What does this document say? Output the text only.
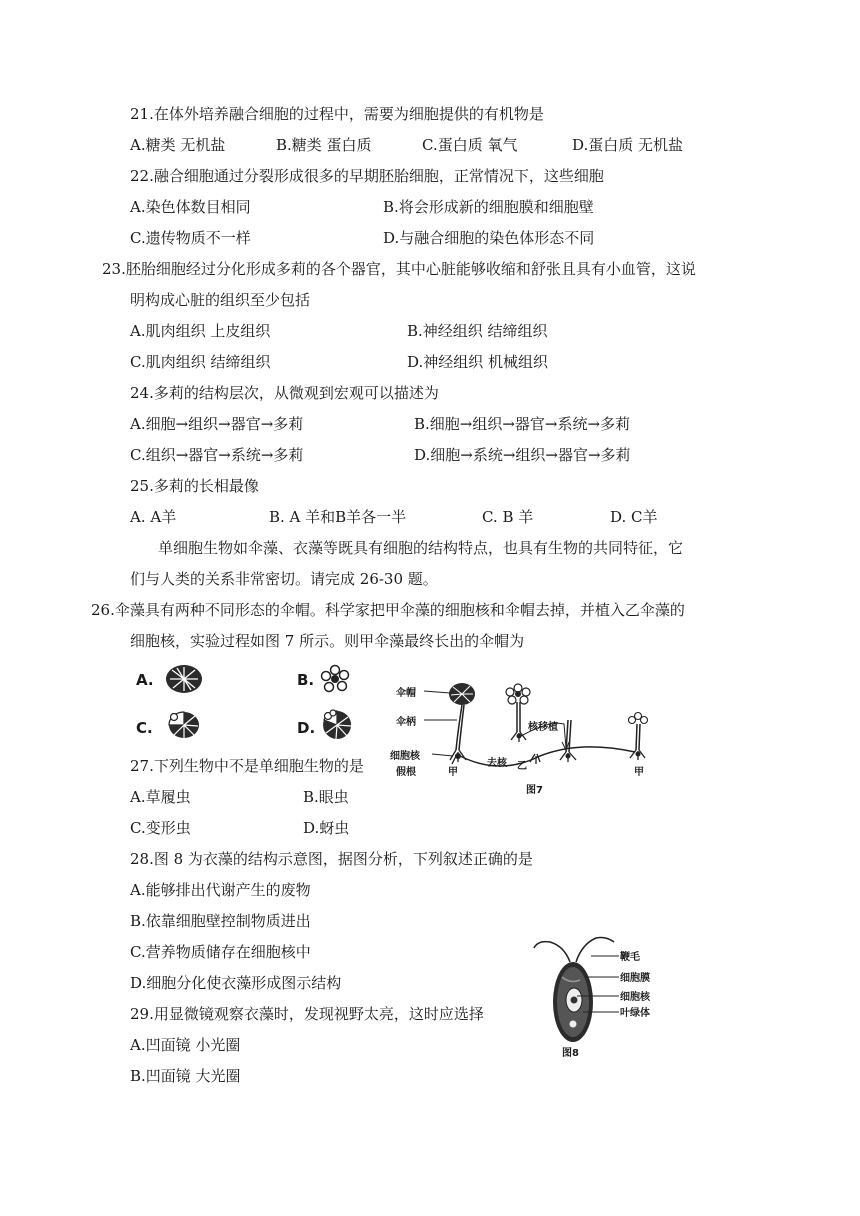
21.在体外培养融合细胞的过程中，需要为细胞提供的有机物是
A.糖类 无机盐	B.糖类 蛋白质	C.蛋白质 氧气	D.蛋白质 无机盐
22.融合细胞通过分裂形成很多的早期胚胎细胞，正常情况下，这些细胞
A.染色体数目相同	B.将会形成新的细胞膜和细胞壁
C.遗传物质不一样	D.与融合细胞的染色体形态不同
23.胚胎细胞经过分化形成多莉的各个器官，其中心脏能够收缩和舒张且具有小血管，这说
明构成心脏的组织至少包括
A.肌肉组织 上皮组织	B.神经组织 结缔组织
C.肌肉组织 结缔组织	D.神经组织 机械组织
24.多莉的结构层次，从微观到宏观可以描述为
A.细胞→组织→器官→多莉	B.细胞→组织→器官→系统→多莉
C.组织→器官→系统→多莉	D.细胞→系统→组织→器官→多莉
25.多莉的长相最像
A. A羊	B. A 羊和B羊各一半	C. B 羊	D. C羊
单细胞生物如伞藻、衣藻等既具有细胞的结构特点，也具有生物的共同特征，它
们与人类的关系非常密切。请完成 26-30 题。
26.伞藻具有两种不同形态的伞帽。科学家把甲伞藻的细胞核和伞帽去掉，并植入乙伞藻的
细胞核，实验过程如图 7 所示。则甲伞藻最终长出的伞帽为
A.	B.
C.	D.
伞帽
伞柄
细胞核
假根	甲
去核 乙
核移植
甲
图7
27.下列生物中不是单细胞生物的是
A.草履虫	B.眼虫
C.变形虫	D.蚜虫
28.图 8 为衣藻的结构示意图，据图分析，下列叙述正确的是
A.能够排出代谢产生的废物
B.依靠细胞壁控制物质进出
C.营养物质储存在细胞核中
D.细胞分化使衣藻形成图示结构
鞭毛
细胞膜
细胞核
叶绿体
图8
29.用显微镜观察衣藻时，发现视野太亮，这时应选择
A.凹面镜 小光圈
B.凹面镜 大光圈
